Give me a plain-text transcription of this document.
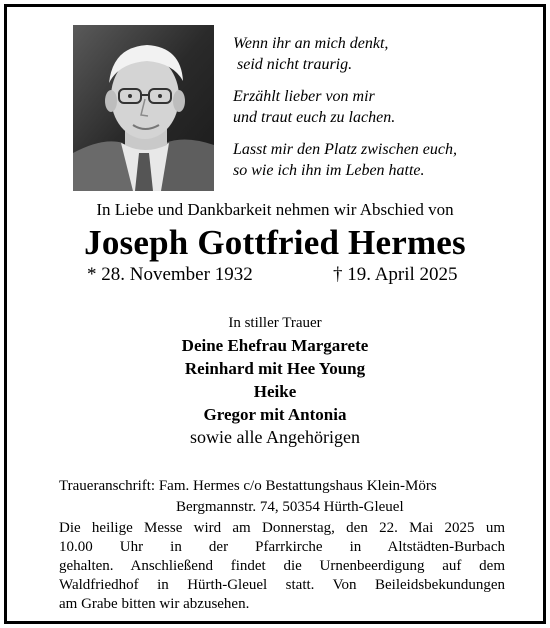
Wenn ihr an mich denkt,
seid nicht traurig.
Erzählt lieber von mir
und traut euch zu lachen.
Lasst mir den Platz zwischen euch,
so wie ich ihn im Leben hatte.
In Liebe und Dankbarkeit nehmen wir Abschied von
Joseph Gottfried Hermes
* 28. November 1932	† 19. April 2025
In stiller Trauer
Deine Ehefrau Margarete
Reinhard mit Hee Young
Heike
Gregor mit Antonia
sowie alle Angehörigen
Traueranschrift: Fam. Hermes c/o Bestattungshaus Klein-Mörs
Bergmannstr. 74, 50354 Hürth-Gleuel
Die heilige Messe wird am Donnerstag, den 22. Mai 2025 um
10.00 Uhr in der Pfarrkirche in Altstädten-Burbach
gehalten. Anschließend findet die Urnenbeerdigung auf dem
Waldfriedhof in Hürth-Gleuel statt. Von Beileidsbekundungen
am Grabe bitten wir abzusehen.
